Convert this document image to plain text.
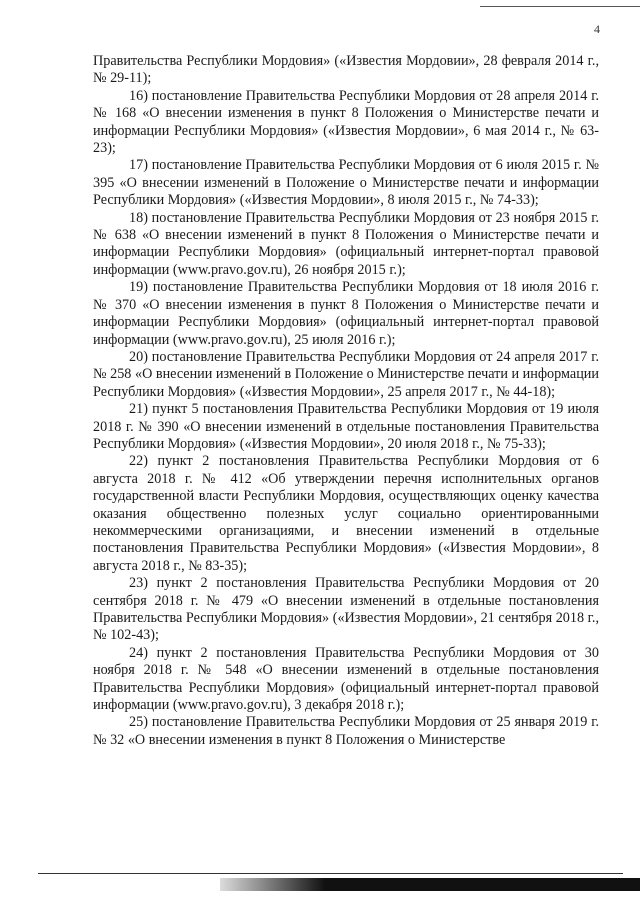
4

Правительства Республики Мордовия» («Известия Мордовии», 28 февраля 2014 г., № 29-11);

16) постановление Правительства Республики Мордовия от 28 апреля 2014 г. № 168 «О внесении изменения в пункт 8 Положения о Министерстве печати и информации Республики Мордовия» («Известия Мордовии», 6 мая 2014 г., № 63-23);

17) постановление Правительства Республики Мордовия от 6 июля 2015 г. № 395 «О внесении изменений в Положение о Министерстве печати и информации Республики Мордовия» («Известия Мордовии», 8 июля 2015 г., № 74-33);

18) постановление Правительства Республики Мордовия от 23 ноября 2015 г. № 638 «О внесении изменений в пункт 8 Положения о Министерстве печати и информации Республики Мордовия» (официальный интернет-портал правовой информации (www.pravo.gov.ru), 26 ноября 2015 г.);

19) постановление Правительства Республики Мордовия от 18 июля 2016 г. № 370 «О внесении изменения в пункт 8 Положения о Министерстве печати и информации Республики Мордовия» (официальный интернет-портал правовой информации (www.pravo.gov.ru), 25 июля 2016 г.);

20) постановление Правительства Республики Мордовия от 24 апреля 2017 г. № 258 «О внесении изменений в Положение о Министерстве печати и информации Республики Мордовия» («Известия Мордовии», 25 апреля 2017 г., № 44-18);

21) пункт 5 постановления Правительства Республики Мордовия от 19 июля 2018 г. № 390 «О внесении изменений в отдельные постановления Правительства Республики Мордовия» («Известия Мордовии», 20 июля 2018 г., № 75-33);

22) пункт 2 постановления Правительства Республики Мордовия от 6 августа 2018 г. № 412 «Об утверждении перечня исполнительных органов государственной власти Республики Мордовия, осуществляющих оценку качества оказания общественно полезных услуг социально ориентированными некоммерческими организациями, и внесении изменений в отдельные постановления Правительства Республики Мордовия» («Известия Мордовии», 8 августа 2018 г., № 83-35);

23) пункт 2 постановления Правительства Республики Мордовия от 20 сентября 2018 г. № 479 «О внесении изменений в отдельные постановления Правительства Республики Мордовия» («Известия Мордовии», 21 сентября 2018 г., № 102-43);

24) пункт 2 постановления Правительства Республики Мордовия от 30 ноября 2018 г. № 548 «О внесении изменений в отдельные постановления Правительства Республики Мордовия» (официальный интернет-портал правовой информации (www.pravo.gov.ru), 3 декабря 2018 г.);

25) постановление Правительства Республики Мордовия от 25 января 2019 г. № 32 «О внесении изменения в пункт 8 Положения о Министерстве
